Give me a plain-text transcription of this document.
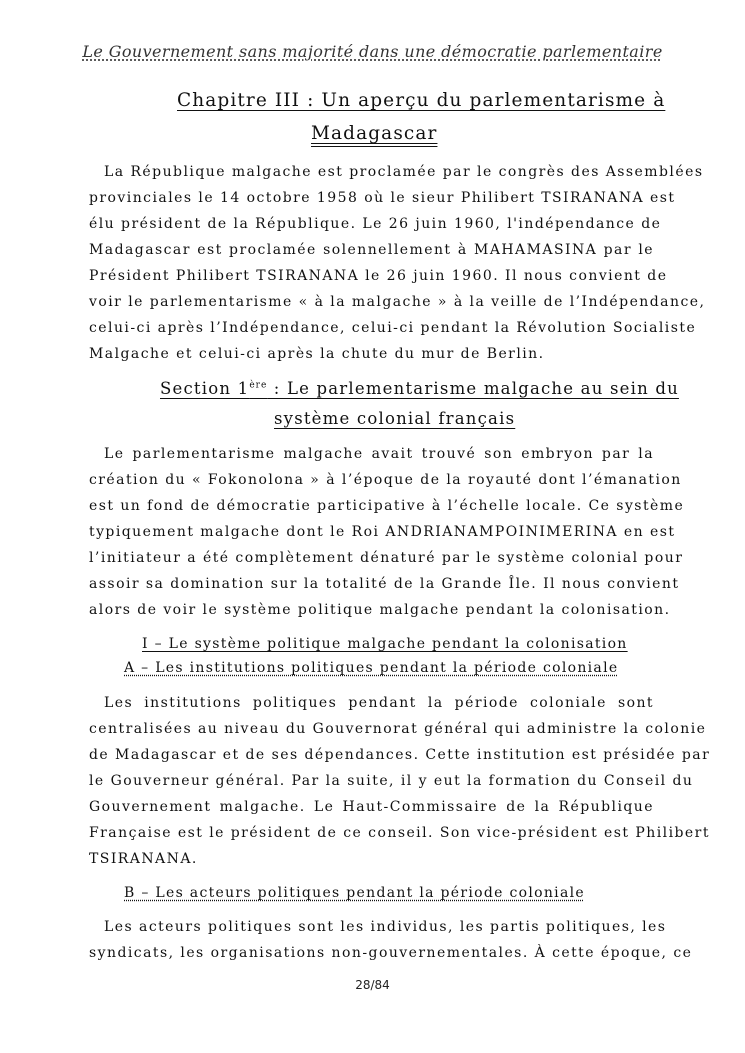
Le Gouvernement sans majorité dans une démocratie parlementaire
Chapitre III : Un aperçu du parlementarisme à
Madagascar
La République malgache est proclamée par le congrès des Assemblées
provinciales le 14 octobre 1958 où le sieur Philibert TSIRANANA est
élu président de la République. Le 26 juin 1960, l'indépendance de
Madagascar est proclamée solennellement à MAHAMASINA par le
Président Philibert TSIRANANA le 26 juin 1960. Il nous convient de
voir le parlementarisme « à la malgache » à la veille de l’Indépendance,
celui-ci après l’Indépendance, celui-ci pendant la Révolution Socialiste
Malgache et celui-ci après la chute du mur de Berlin.
Section 1ère : Le parlementarisme malgache au sein du
système colonial français
Le parlementarisme malgache avait trouvé son embryon par la
création du « Fokonolona » à l’époque de la royauté dont l’émanation
est un fond de démocratie participative à l’échelle locale. Ce système
typiquement malgache dont le Roi ANDRIANAMPOINIMERINA en est
l’initiateur a été complètement dénaturé par le système colonial pour
assoir sa domination sur la totalité de la Grande Île. Il nous convient
alors de voir le système politique malgache pendant la colonisation.
I – Le système politique malgache pendant la colonisation
A – Les institutions politiques pendant la période coloniale
Les institutions politiques pendant la période coloniale sont
centralisées au niveau du Gouvernorat général qui administre la colonie
de Madagascar et de ses dépendances. Cette institution est présidée par
le Gouverneur général. Par la suite, il y eut la formation du Conseil du
Gouvernement malgache. Le Haut-Commissaire de la République
Française est le président de ce conseil. Son vice-président est Philibert
TSIRANANA.
B – Les acteurs politiques pendant la période coloniale
Les acteurs politiques sont les individus, les partis politiques, les
syndicats, les organisations non-gouvernementales. À cette époque, ce
28/84
